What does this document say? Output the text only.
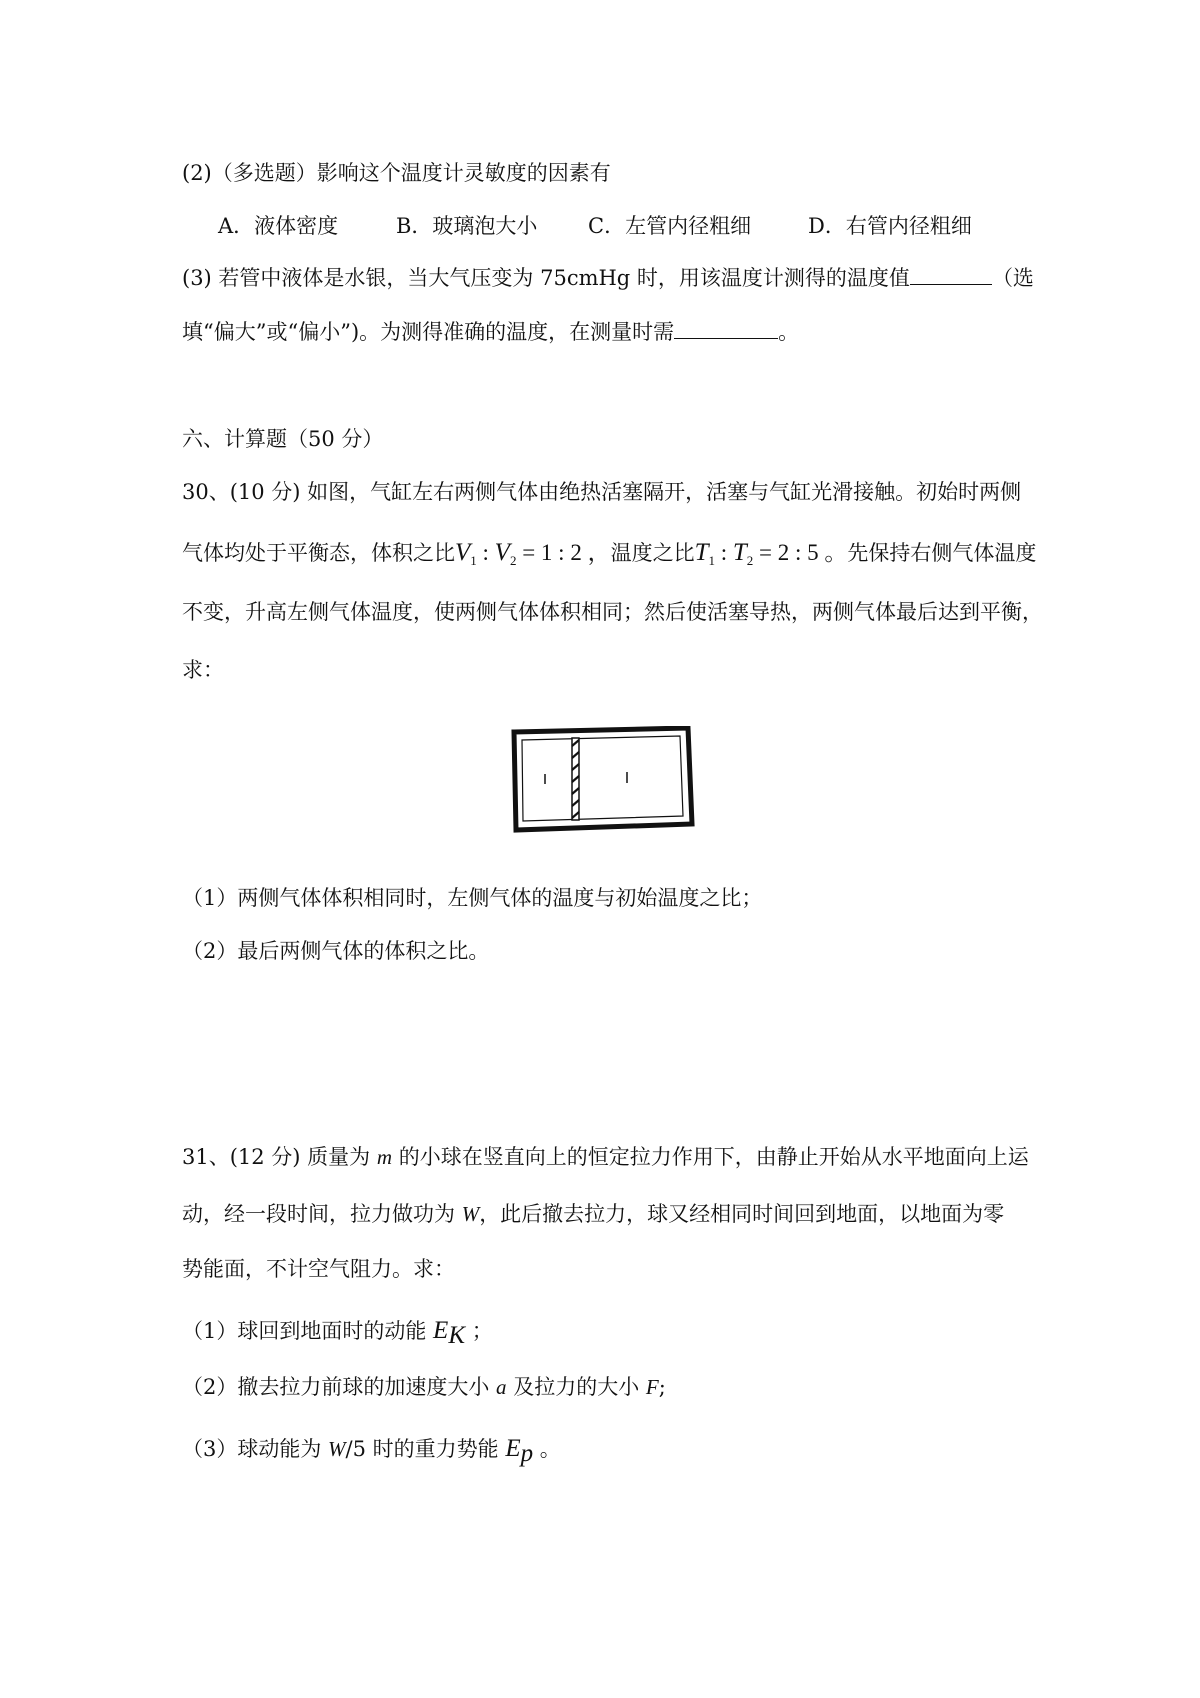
(2)（多选题）影响这个温度计灵敏度的因素有
A．液体密度	B．玻璃泡大小 C．左管内径粗细	D．右管内径粗细
(3) 若管中液体是水银，当大气压变为 75cmHg 时，用该温度计测得的温度值	（选
填“偏大”或“偏小”)。为测得准确的温度，在测量时需	。
六、计算题（50 分）
30、(10 分) 如图，气缸左右两侧气体由绝热活塞隔开，活塞与气缸光滑接触。初始时两侧
气体均处于平衡态，体积之比$V_1$ : $V_2 = 1$ : 2 ，温度之比$T_1$ : $T_2 = 2$ : 5 。先保持右侧气体温度
不变，升高左侧气体温度，使两侧气体体积相同；然后使活塞导热，两侧气体最后达到平衡，
求：
（1）两侧气体体积相同时，左侧气体的温度与初始温度之比；
（2）最后两侧气体的体积之比。
31、(12 分) 质量为 m 的小球在竖直向上的恒定拉力作用下，由静止开始从水平地面向上运
动，经一段时间，拉力做功为 W，此后撤去拉力，球又经相同时间回到地面，以地面为零
势能面，不计空气阻力。求：
（1）球回到地面时的动能 $E_K$ ；
（2）撤去拉力前球的加速度大小 a 及拉力的大小 F;
（3）球动能为 W/5 时的重力势能 $E_p$ 。
